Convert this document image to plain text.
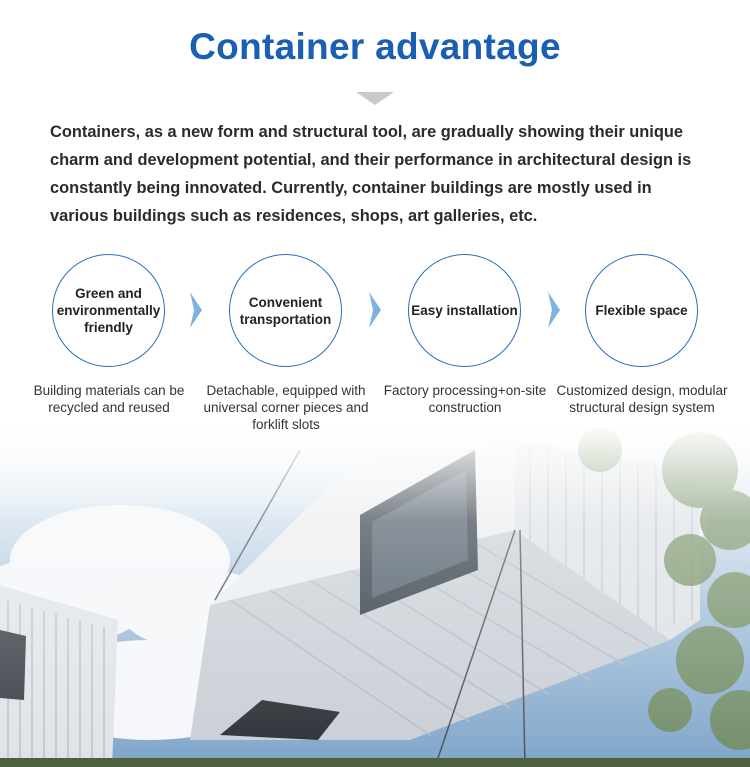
Container advantage
Containers, as a new form and structural tool, are gradually showing their unique charm and development potential, and their performance in architectural design is constantly being innovated. Currently, container buildings are mostly used in various buildings such as residences, shops, art galleries, etc.
Green and environmentally friendly
Building materials can be recycled and reused
Convenient transportation
Detachable, equipped with universal corner pieces and forklift slots
Easy installation
Factory processing+on-site construction
Flexible space
Customized design, modular structural design system
